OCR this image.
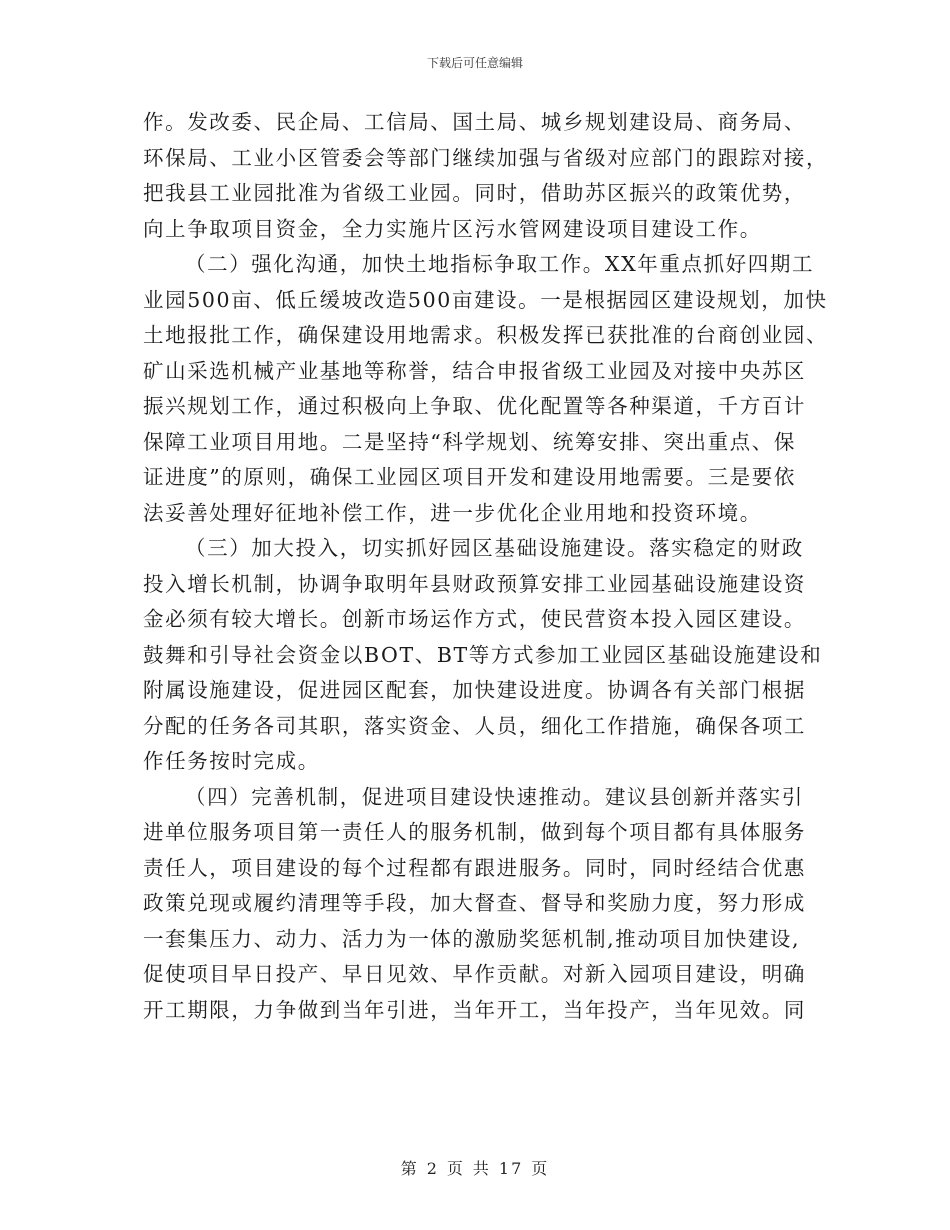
下载后可任意编辑
作。发改委、民企局、工信局、国土局、城乡规划建设局、商务局、
环保局、工业小区管委会等部门继续加强与省级对应部门的跟踪对接，
把我县工业园批准为省级工业园。同时，借助苏区振兴的政策优势，
向上争取项目资金，全力实施片区污水管网建设项目建设工作。
（二）强化沟通，加快土地指标争取工作。XX年重点抓好四期工
业园500亩、低丘缓坡改造500亩建设。一是根据园区建设规划，加快
土地报批工作，确保建设用地需求。积极发挥已获批准的台商创业园、
矿山采选机械产业基地等称誉，结合申报省级工业园及对接中央苏区
振兴规划工作，通过积极向上争取、优化配置等各种渠道，千方百计
保障工业项目用地。二是坚持“科学规划、统筹安排、突出重点、保
证进度”的原则，确保工业园区项目开发和建设用地需要。三是要依
法妥善处理好征地补偿工作，进一步优化企业用地和投资环境。
（三）加大投入，切实抓好园区基础设施建设。落实稳定的财政
投入增长机制，协调争取明年县财政预算安排工业园基础设施建设资
金必须有较大增长。创新市场运作方式，使民营资本投入园区建设。
鼓舞和引导社会资金以BOT、BT等方式参加工业园区基础设施建设和
附属设施建设，促进园区配套，加快建设进度。协调各有关部门根据
分配的任务各司其职，落实资金、人员，细化工作措施，确保各项工
作任务按时完成。
（四）完善机制，促进项目建设快速推动。建议县创新并落实引
进单位服务项目第一责任人的服务机制，做到每个项目都有具体服务
责任人，项目建设的每个过程都有跟进服务。同时，同时经结合优惠
政策兑现或履约清理等手段，加大督查、督导和奖励力度，努力形成
一套集压力、动力、活力为一体的激励奖惩机制,推动项目加快建设,
促使项目早日投产、早日见效、早作贡献。对新入园项目建设，明确
开工期限，力争做到当年引进，当年开工，当年投产，当年见效。同
第 2 页 共 17 页
